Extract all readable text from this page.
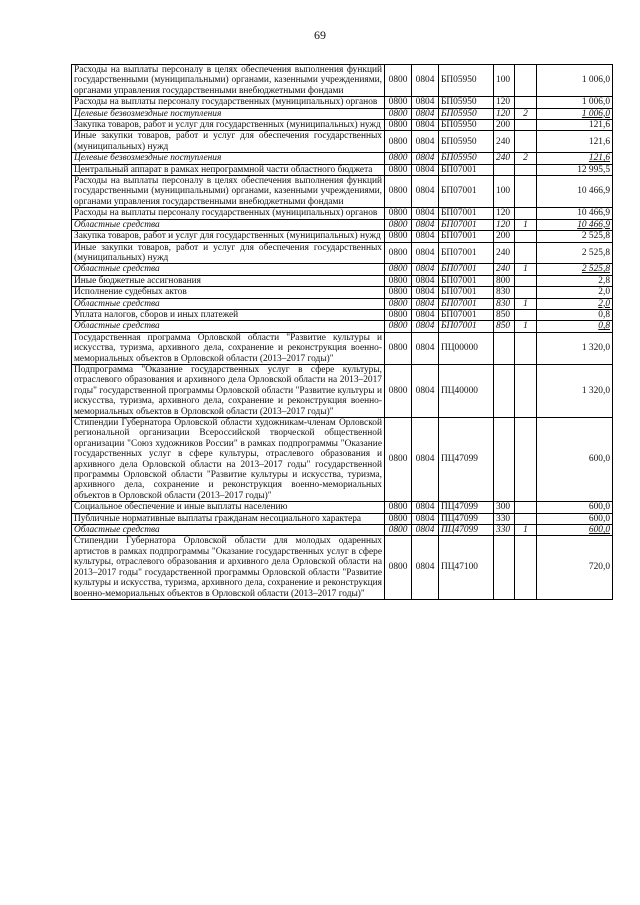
69
Расходы на выплаты персоналу в целях обеспечения выполнения функций государственными (муниципальными) органами, казенными учреждениями, органами управления государственными внебюджетными фондами	0800	0804	БП05950	100		1 006,0
Расходы на выплаты персоналу государственных (муниципальных) органов	0800	0804	БП05950	120		1 006,0
Целевые безвозмездные поступления	0800	0804	БП05950	120	2	1 006,0
Закупка товаров, работ и услуг для государственных (муниципальных) нужд	0800	0804	БП05950	200		121,6
Иные закупки товаров, работ и услуг для обеспечения государственных (муниципальных) нужд	0800	0804	БП05950	240		121,6
Целевые безвозмездные поступления	0800	0804	БП05950	240	2	121,6
Центральный аппарат в рамках непрограммной части областного бюджета	0800	0804	БП07001			12 995,5
Расходы на выплаты персоналу в целях обеспечения выполнения функций государственными (муниципальными) органами, казенными учреждениями, органами управления государственными внебюджетными фондами	0800	0804	БП07001	100		10 466,9
Расходы на выплаты персоналу государственных (муниципальных) органов	0800	0804	БП07001	120		10 466,9
Областные средства	0800	0804	БП07001	120	1	10 466,9
Закупка товаров, работ и услуг для государственных (муниципальных) нужд	0800	0804	БП07001	200		2 525,8
Иные закупки товаров, работ и услуг для обеспечения государственных (муниципальных) нужд	0800	0804	БП07001	240		2 525,8
Областные средства	0800	0804	БП07001	240	1	2 525,8
Иные бюджетные ассигнования	0800	0804	БП07001	800		2,8
Исполнение судебных актов	0800	0804	БП07001	830		2,0
Областные средства	0800	0804	БП07001	830	1	2,0
Уплата налогов, сборов и иных платежей	0800	0804	БП07001	850		0,8
Областные средства	0800	0804	БП07001	850	1	0,8
Государственная программа Орловской области "Развитие культуры и искусства, туризма, архивного дела, сохранение и реконструкция военно-мемориальных объектов в Орловской области (2013–2017 годы)"	0800	0804	ПЦ00000			1 320,0
Подпрограмма "Оказание государственных услуг в сфере культуры, отраслевого образования и архивного дела Орловской области на 2013–2017 годы" государственной программы Орловской области "Развитие культуры и искусства, туризма, архивного дела, сохранение и реконструкция военно-мемориальных объектов в Орловской области (2013–2017 годы)"	0800	0804	ПЦ40000			1 320,0
Стипендии Губернатора Орловской области художникам-членам Орловской региональной организации Всероссийской творческой общественной организации "Союз художников России" в рамках подпрограммы "Оказание государственных услуг в сфере культуры, отраслевого образования и архивного дела Орловской области на 2013–2017 годы" государственной программы Орловской области "Развитие культуры и искусства, туризма, архивного дела, сохранение и реконструкция военно-мемориальных объектов в Орловской области (2013–2017 годы)"	0800	0804	ПЦ47099			600,0
Социальное обеспечение и иные выплаты населению	0800	0804	ПЦ47099	300		600,0
Публичные нормативные выплаты гражданам несоциального характера	0800	0804	ПЦ47099	330		600,0
Областные средства	0800	0804	ПЦ47099	330	1	600,0
Стипендии Губернатора Орловской области для молодых одаренных артистов в рамках подпрограммы "Оказание государственных услуг в сфере культуры, отраслевого образования и архивного дела Орловской области на 2013–2017 годы" государственной программы Орловской области "Развитие культуры и искусства, туризма, архивного дела, сохранение и реконструкция военно-мемориальных объектов в Орловской области (2013–2017 годы)"	0800	0804	ПЦ47100			720,0
